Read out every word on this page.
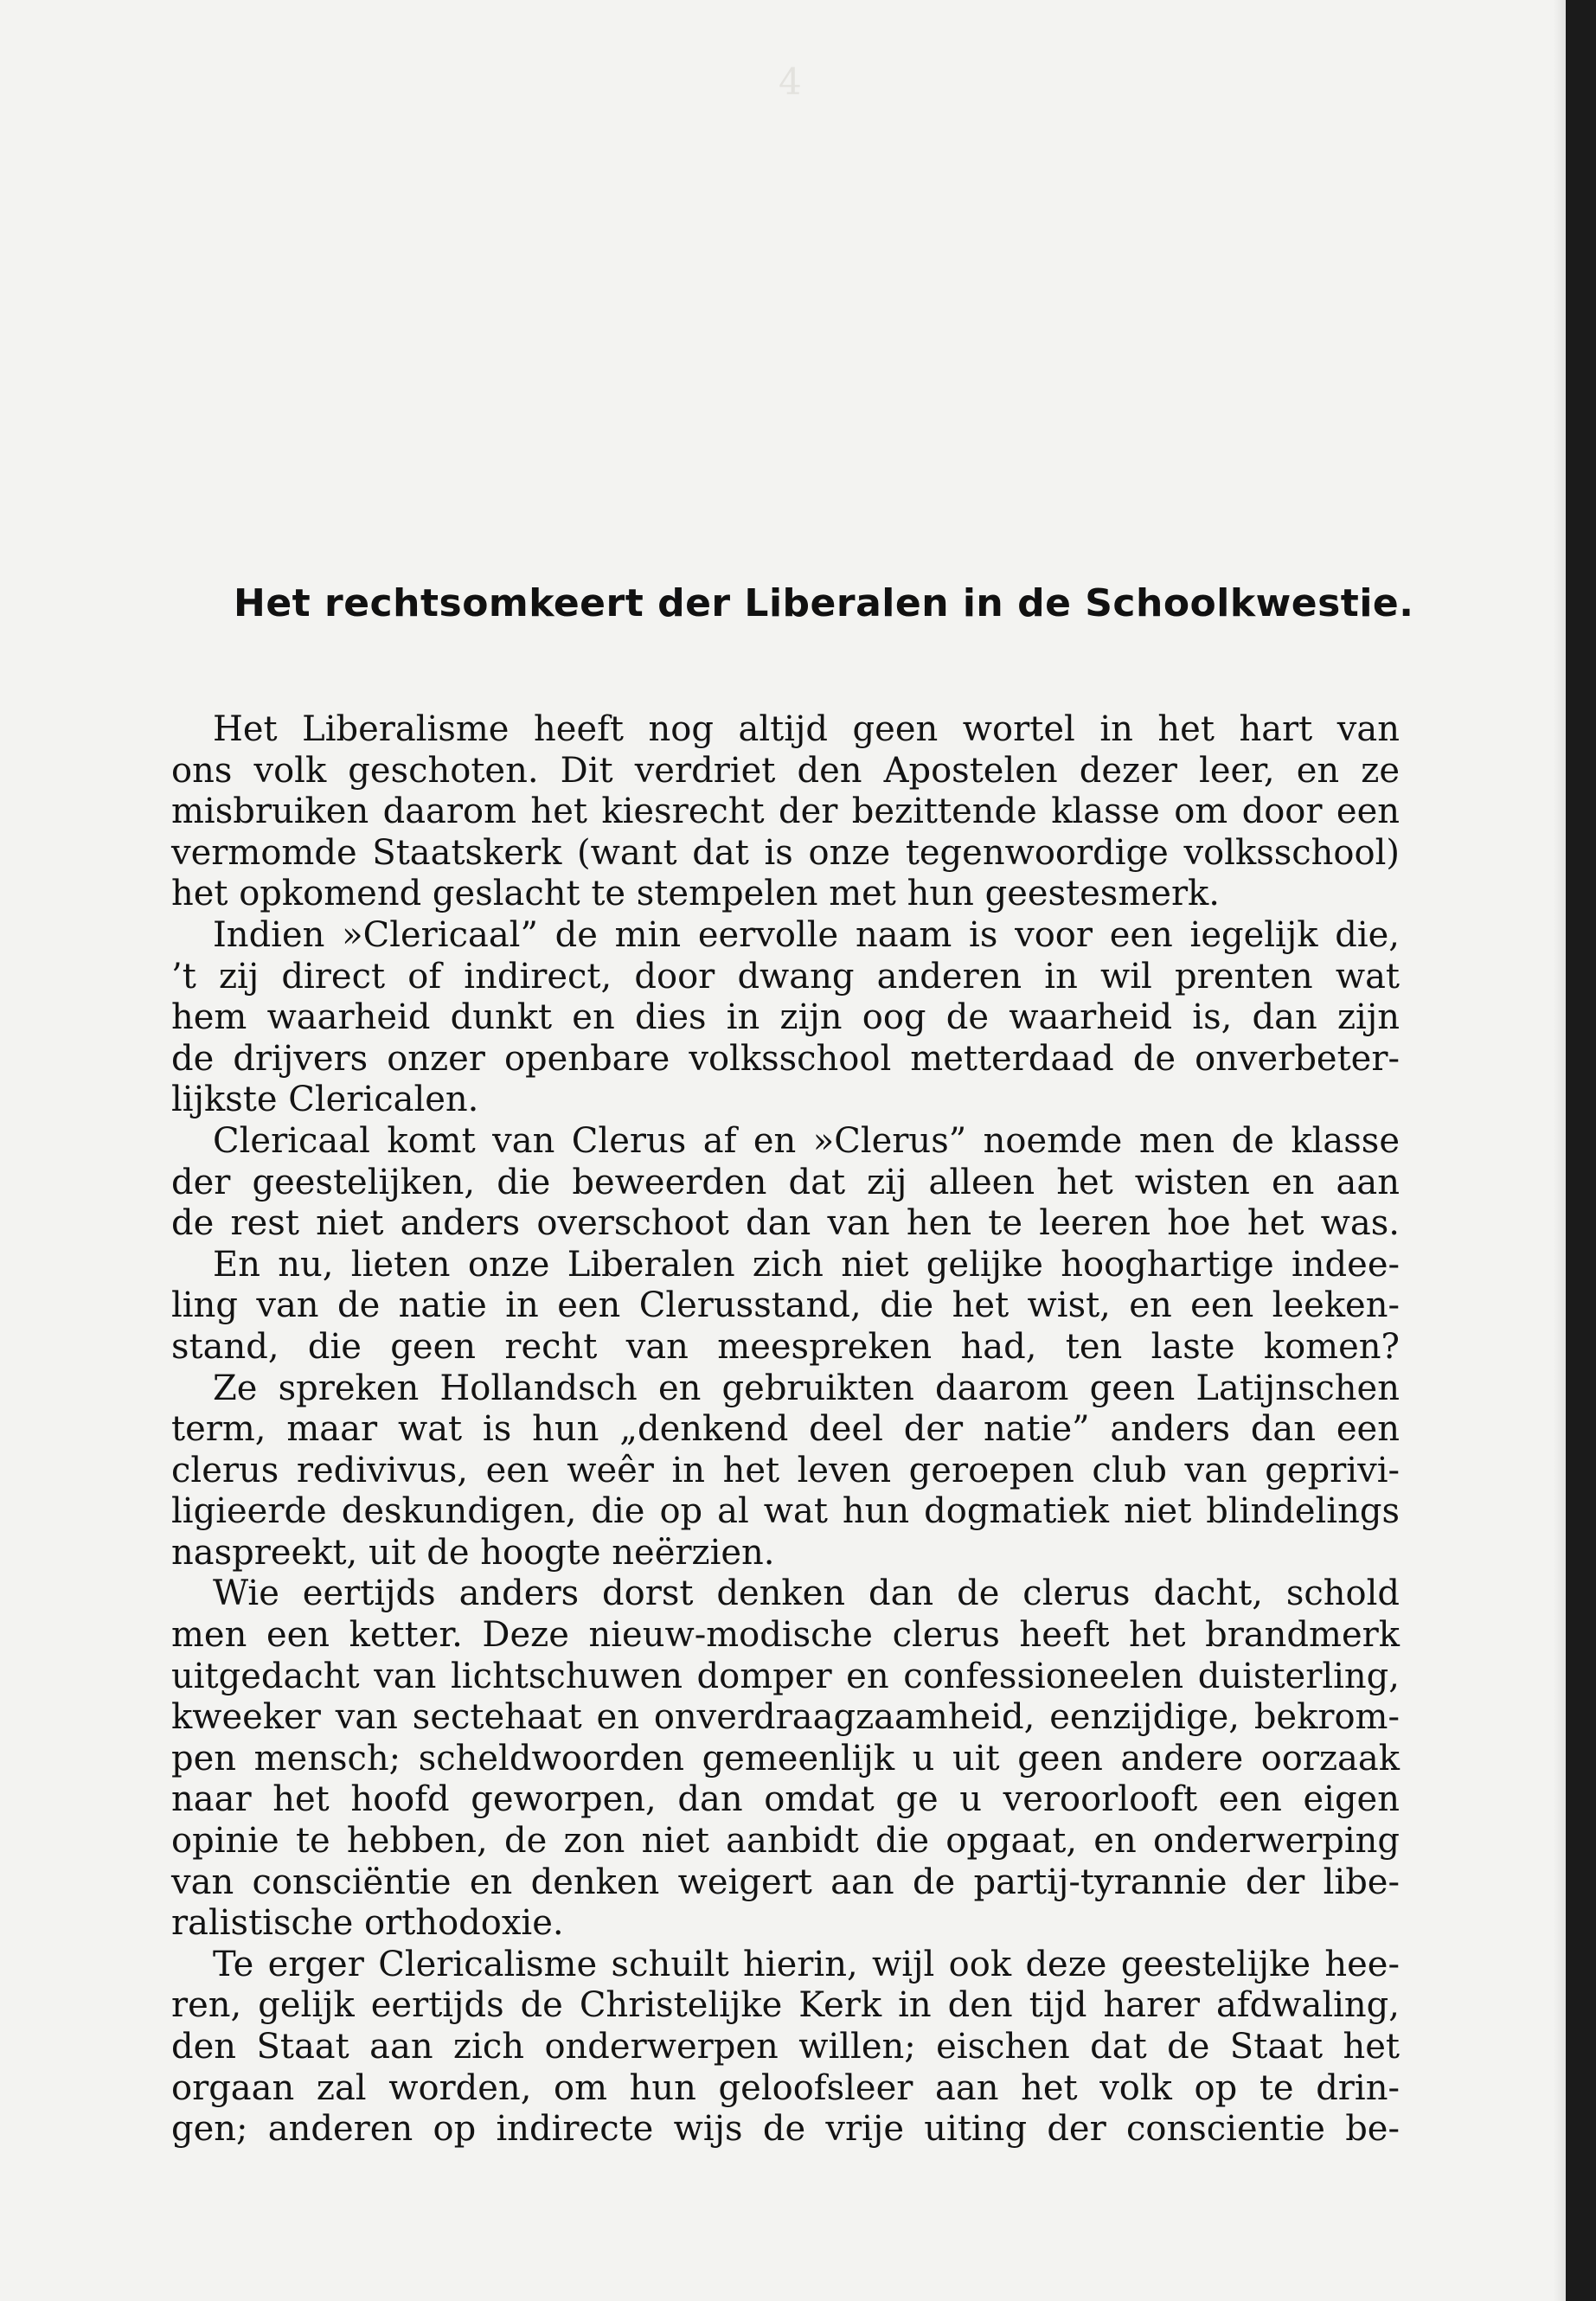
4
Het rechtsomkeert der Liberalen in de Schoolkwestie.
Het Liberalisme heeft nog altijd geen wortel in het hart van
ons volk geschoten. Dit verdriet den Apostelen dezer leer, en ze
misbruiken daarom het kiesrecht der bezittende klasse om door een
vermomde Staatskerk (want dat is onze tegenwoordige volksschool)
het opkomend geslacht te stempelen met hun geestesmerk.
Indien »Clericaal” de min eervolle naam is voor een iegelijk die,
’t zij direct of indirect, door dwang anderen in wil prenten wat
hem waarheid dunkt en dies in zijn oog de waarheid is, dan zijn
de drijvers onzer openbare volksschool metterdaad de onverbeter-
lijkste Clericalen.
Clericaal komt van Clerus af en »Clerus” noemde men de klasse
der geestelijken, die beweerden dat zij alleen het wisten en aan
de rest niet anders overschoot dan van hen te leeren hoe het was.
En nu, lieten onze Liberalen zich niet gelijke hooghartige indee-
ling van de natie in een Clerusstand, die het wist, en een leeken-
stand, die geen recht van meespreken had, ten laste komen?
Ze spreken Hollandsch en gebruikten daarom geen Latijnschen
term, maar wat is hun „denkend deel der natie” anders dan een
clerus redivivus, een weêr in het leven geroepen club van geprivi-
ligieerde deskundigen, die op al wat hun dogmatiek niet blindelings
naspreekt, uit de hoogte neërzien.
Wie eertijds anders dorst denken dan de clerus dacht, schold
men een ketter. Deze nieuw-modische clerus heeft het brandmerk
uitgedacht van lichtschuwen domper en confessioneelen duisterling,
kweeker van sectehaat en onverdraagzaamheid, eenzijdige, bekrom-
pen mensch; scheldwoorden gemeenlijk u uit geen andere oorzaak
naar het hoofd geworpen, dan omdat ge u veroorlooft een eigen
opinie te hebben, de zon niet aanbidt die opgaat, en onderwerping
van consciëntie en denken weigert aan de partij-tyrannie der libe-
ralistische orthodoxie.
Te erger Clericalisme schuilt hierin, wijl ook deze geestelijke hee-
ren, gelijk eertijds de Christelijke Kerk in den tijd harer afdwaling,
den Staat aan zich onderwerpen willen; eischen dat de Staat het
orgaan zal worden, om hun geloofsleer aan het volk op te drin-
gen; anderen op indirecte wijs de vrije uiting der conscientie be-
